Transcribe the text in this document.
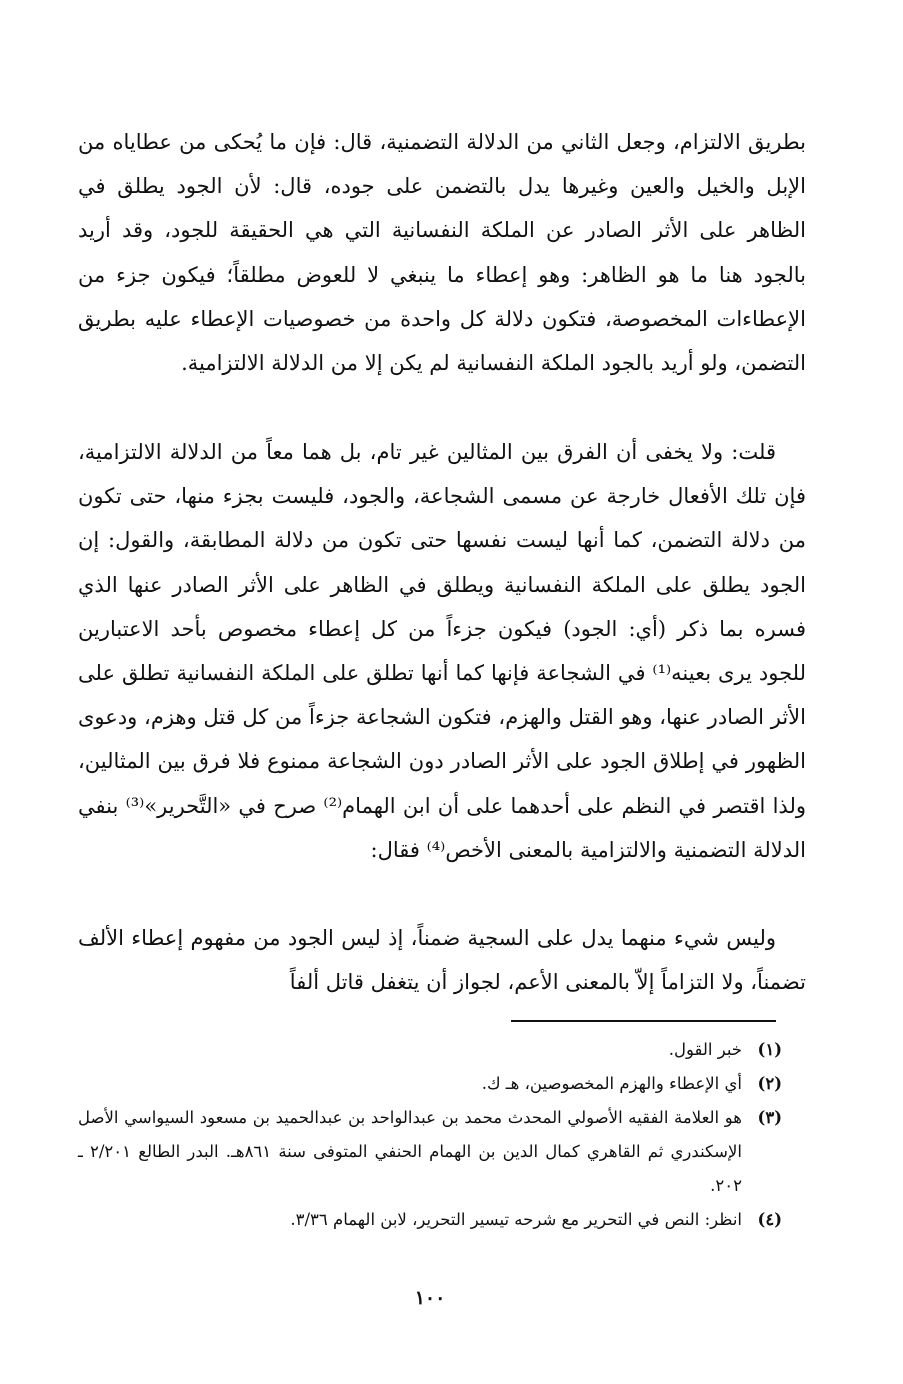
بطريق الالتزام، وجعل الثاني من الدلالة التضمنية، قال: فإن ما يُحكى من عطاياه من الإبل والخيل والعين وغيرها يدل بالتضمن على جوده، قال: لأن الجود يطلق في الظاهر على الأثر الصادر عن الملكة النفسانية التي هي الحقيقة للجود، وقد أريد بالجود هنا ما هو الظاهر: وهو إعطاء ما ينبغي لا للعوض مطلقاً؛ فيكون جزء من الإعطاءات المخصوصة، فتكون دلالة كل واحدة من خصوصيات الإعطاء عليه بطريق التضمن، ولو أريد بالجود الملكة النفسانية لم يكن إلا من الدلالة الالتزامية.

قلت: ولا يخفى أن الفرق بين المثالين غير تام، بل هما معاً من الدلالة الالتزامية، فإن تلك الأفعال خارجة عن مسمى الشجاعة، والجود، فليست بجزء منها، حتى تكون من دلالة التضمن، كما أنها ليست نفسها حتى تكون من دلالة المطابقة، والقول: إن الجود يطلق على الملكة النفسانية ويطلق في الظاهر على الأثر الصادر عنها الذي فسره بما ذكر (أي: الجود) فيكون جزءاً من كل إعطاء مخصوص بأحد الاعتبارين للجود يرى بعينه⁽¹⁾ في الشجاعة فإنها كما أنها تطلق على الملكة النفسانية تطلق على الأثر الصادر عنها، وهو القتل والهزم، فتكون الشجاعة جزءاً من كل قتل وهزم، ودعوى الظهور في إطلاق الجود على الأثر الصادر دون الشجاعة ممنوع فلا فرق بين المثالين، ولذا اقتصر في النظم على أحدهما على أن ابن الهمام⁽²⁾ صرح في «التَّحرير»⁽³⁾ بنفي الدلالة التضمنية والالتزامية بالمعنى الأخص⁽⁴⁾ فقال:

وليس شيء منهما يدل على السجية ضمناً، إذ ليس الجود من مفهوم إعطاء الألف تضمناً، ولا التزاماً إلاّ بالمعنى الأعم، لجواز أن يتغفل قاتل ألفاً

(١)
خبر القول.
(٢)
أي الإعطاء والهزم المخصوصين، هـ ك.
(٣)
هو العلامة الفقيه الأصولي المحدث محمد بن عبدالواحد بن عبدالحميد بن مسعود السيواسي الأصل الإسكندري ثم القاهري كمال الدين بن الهمام الحنفي المتوفى سنة ٨٦١هـ. البدر الطالع ٢/٢٠١ ـ ٢٠٢.
(٤)
انظر: النص في التحرير مع شرحه تيسير التحرير، لابن الهمام ٣/٣٦.
١٠٠
